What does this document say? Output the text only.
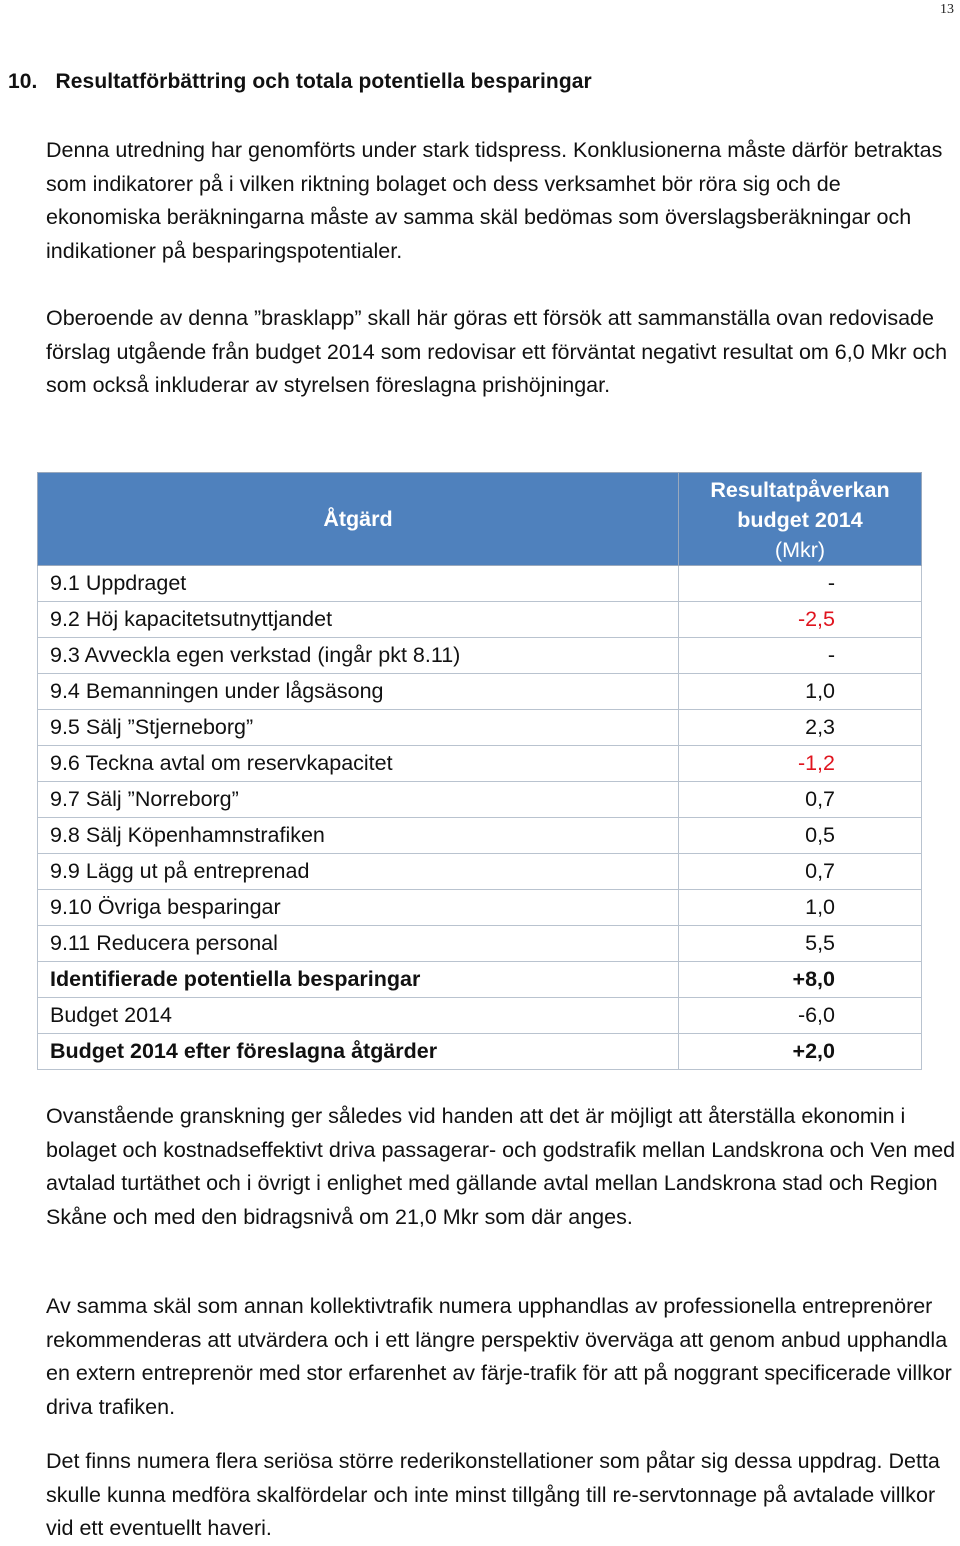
13
10. Resultatförbättring och totala potentiella besparingar

Denna utredning har genomförts under stark tidspress. Konklusionerna måste därför betraktas som indikatorer på i vilken riktning bolaget och dess verksamhet bör röra sig och de ekonomiska beräkningarna måste av samma skäl bedömas som överslagsberäkningar och indikationer på besparingspotentialer.

Oberoende av denna ”brasklapp” skall här göras ett försök att sammanställa ovan redovisade förslag utgående från budget 2014 som redovisar ett förväntat negativt resultat om 6,0 Mkr och som också inkluderar av styrelsen föreslagna prishöjningar.

Åtgärd	Resultatpåverkan
budget 2014
(Mkr)

9.1 Uppdraget	-
9.2 Höj kapacitetsutnyttjandet	-2,5
9.3 Avveckla egen verkstad (ingår pkt 8.11)	-
9.4 Bemanningen under lågsäsong	1,0
9.5 Sälj ”Stjerneborg”	2,3
9.6 Teckna avtal om reservkapacitet	-1,2
9.7 Sälj ”Norreborg”	0,7
9.8 Sälj Köpenhamnstrafiken	0,5
9.9 Lägg ut på entreprenad	0,7
9.10 Övriga besparingar	1,0
9.11 Reducera personal	5,5
Identifierade potentiella besparingar	+8,0
Budget 2014	-6,0
Budget 2014 efter föreslagna åtgärder	+2,0

Ovanstående granskning ger således vid handen att det är möjligt att återställa ekonomin i bolaget och kostnadseffektivt driva passagerar- och godstrafik mellan Landskrona och Ven med avtalad turtäthet och i övrigt i enlighet med gällande avtal mellan Landskrona stad och Region Skåne och med den bidragsnivå om 21,0 Mkr som där anges.

Av samma skäl som annan kollektivtrafik numera upphandlas av professionella entreprenörer rekommenderas att utvärdera och i ett längre perspektiv överväga att genom anbud upphandla en extern entreprenör med stor erfarenhet av färje-trafik för att på noggrant specificerade villkor driva trafiken.

Det finns numera flera seriösa större rederikonstellationer som påtar sig dessa uppdrag. Detta skulle kunna medföra skalfördelar och inte minst tillgång till re-servtonnage på avtalade villkor vid ett eventuellt haveri.
